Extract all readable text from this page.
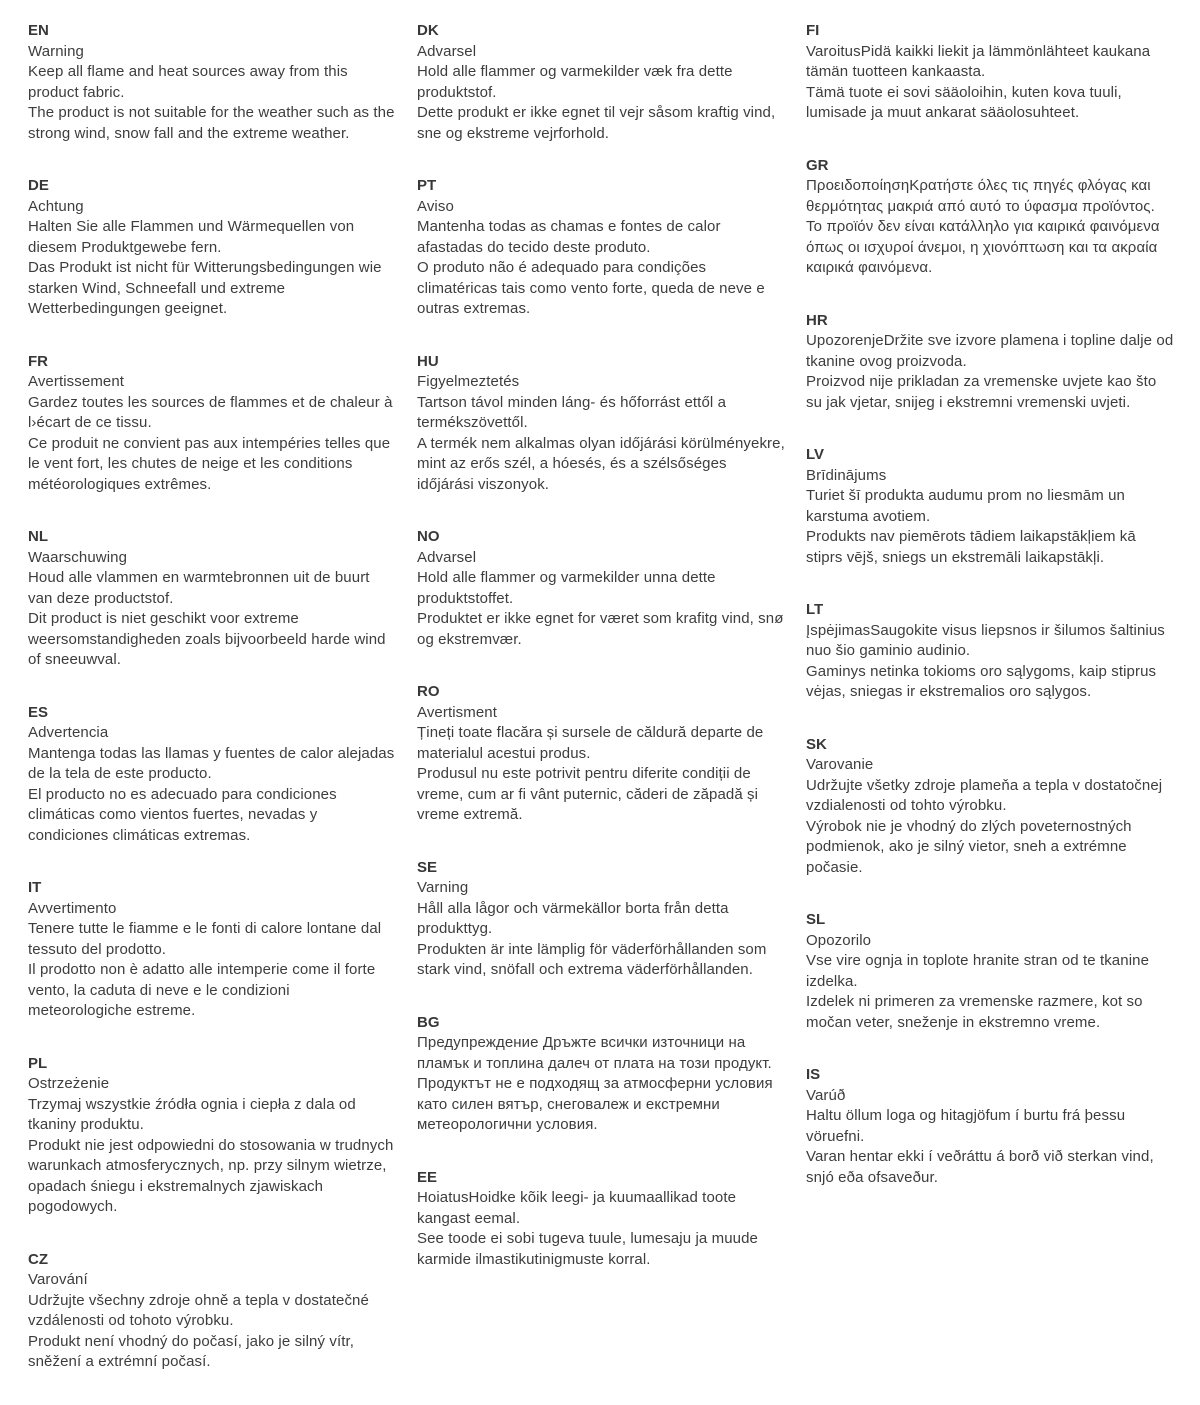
EN
Warning
Keep all flame and heat sources away from this product fabric.
The product is not suitable for the weather such as the strong wind, snow fall and the extreme weather.
DE
Achtung
Halten Sie alle Flammen und Wärmequellen von diesem Produktgewebe fern.
Das Produkt ist nicht für Witterungsbedingungen wie starken Wind, Schneefall und extreme Wetterbedingungen geeignet.
FR
Avertissement
Gardez toutes les sources de flammes et de chaleur à l›écart de ce tissu.
Ce produit ne convient pas aux intempéries telles que le vent fort, les chutes de neige et les conditions météorologiques extrêmes.
NL
Waarschuwing
Houd alle vlammen en warmtebronnen uit de buurt van deze productstof.
Dit product is niet geschikt voor extreme weersomstandigheden zoals bijvoorbeeld harde wind of sneeuwval.
ES
Advertencia
Mantenga todas las llamas y fuentes de calor alejadas de la tela de este producto.
El producto no es adecuado para condiciones climáticas como vientos fuertes, nevadas y condiciones climáticas extremas.
IT
Avvertimento
Tenere tutte le fiamme e le fonti di calore lontane dal tessuto del prodotto.
Il prodotto non è adatto alle intemperie come il forte vento, la caduta di neve e le condizioni meteorologiche estreme.
PL
Ostrzeżenie
Trzymaj wszystkie źródła ognia i ciepła z dala od tkaniny produktu.
Produkt nie jest odpowiedni do stosowania w trudnych warunkach atmosferycznych, np. przy silnym wietrze, opadach śniegu i ekstremalnych zjawiskach pogodowych.
CZ
Varování
Udržujte všechny zdroje ohně a tepla v dostatečné vzdálenosti od tohoto výrobku.
Produkt není vhodný do počasí, jako je silný vítr, sněžení a extrémní počasí.
DK
Advarsel
Hold alle flammer og varmekilder væk fra dette produktstof.
Dette produkt er ikke egnet til vejr såsom kraftig vind, sne og ekstreme vejrforhold.
PT
Aviso
Mantenha todas as chamas e fontes de calor afastadas do tecido deste produto.
O produto não é adequado para condições climatéricas tais como vento forte, queda de neve e outras extremas.
HU
Figyelmeztetés
Tartson távol minden láng- és hőforrást ettől a termékszövettől.
A termék nem alkalmas olyan időjárási körülményekre, mint az erős szél, a hóesés, és a szélsőséges időjárási viszonyok.
NO
Advarsel
Hold alle flammer og varmekilder unna dette produktstoffet.
Produktet er ikke egnet for været som krafitg vind, snø og ekstremvær.
RO
Avertisment
Țineți toate flacăra și sursele de căldură departe de materialul acestui produs.
Produsul nu este potrivit pentru diferite condiții de vreme, cum ar fi vânt puternic, căderi de zăpadă și vreme extremă.
SE
Varning
Håll alla lågor och värmekällor borta från detta produkttyg.
Produkten är inte lämplig för väderförhållanden som stark vind, snöfall och extrema väderförhållanden.
BG
Предупреждение Дръжте всички източници на пламък и топлина далеч от плата на този продукт.
Продуктът не е подходящ за атмосферни условия като силен вятър, снеговалеж и екстремни метеорологични условия.
EE
HoiatusHoidke kõik leegi- ja kuumaallikad toote kangast eemal.
See toode ei sobi tugeva tuule, lumesaju ja muude karmide ilmastikutinigmuste korral.
FI
VaroitusPidä kaikki liekit ja lämmönlähteet kaukana tämän tuotteen kankaasta.
Tämä tuote ei sovi sääoloihin, kuten kova tuuli, lumisade ja muut ankarat sääolosuhteet.
GR
ΠροειδοποίησηΚρατήστε όλες τις πηγές φλόγας και θερμότητας μακριά από αυτό το ύφασμα προϊόντος.
Το προϊόν δεν είναι κατάλληλο για καιρικά φαινόμενα όπως οι ισχυροί άνεμοι, η χιονόπτωση και τα ακραία καιρικά φαινόμενα.
HR
UpozorenjeDržite sve izvore plamena i topline dalje od tkanine ovog proizvoda.
Proizvod nije prikladan za vremenske uvjete kao što su jak vjetar, snijeg i ekstremni vremenski uvjeti.
LV
Brīdinājums
Turiet šī produkta audumu prom no liesmām un karstuma avotiem.
Produkts nav piemērots tādiem laikapstākļiem kā stiprs vējš, sniegs un ekstremāli laikapstākļi.
LT
ĮspėjimasSaugokite visus liepsnos ir šilumos šaltinius nuo šio gaminio audinio.
Gaminys netinka tokioms oro sąlygoms, kaip stiprus vėjas, sniegas ir ekstremalios oro sąlygos.
SK
Varovanie
Udržujte všetky zdroje plameňa a tepla v dostatočnej vzdialenosti od tohto výrobku.
Výrobok nie je vhodný do zlých poveternostných podmienok, ako je silný vietor, sneh a extrémne počasie.
SL
Opozorilo
Vse vire ognja in toplote hranite stran od te tkanine izdelka.
Izdelek ni primeren za vremenske razmere, kot so močan veter, sneženje in ekstremno vreme.
IS
Varúð
Haltu öllum loga og hitagjöfum í burtu frá þessu vöruefni.
Varan hentar ekki í veðráttu á borð við sterkan vind, snjó eða ofsaveður.
